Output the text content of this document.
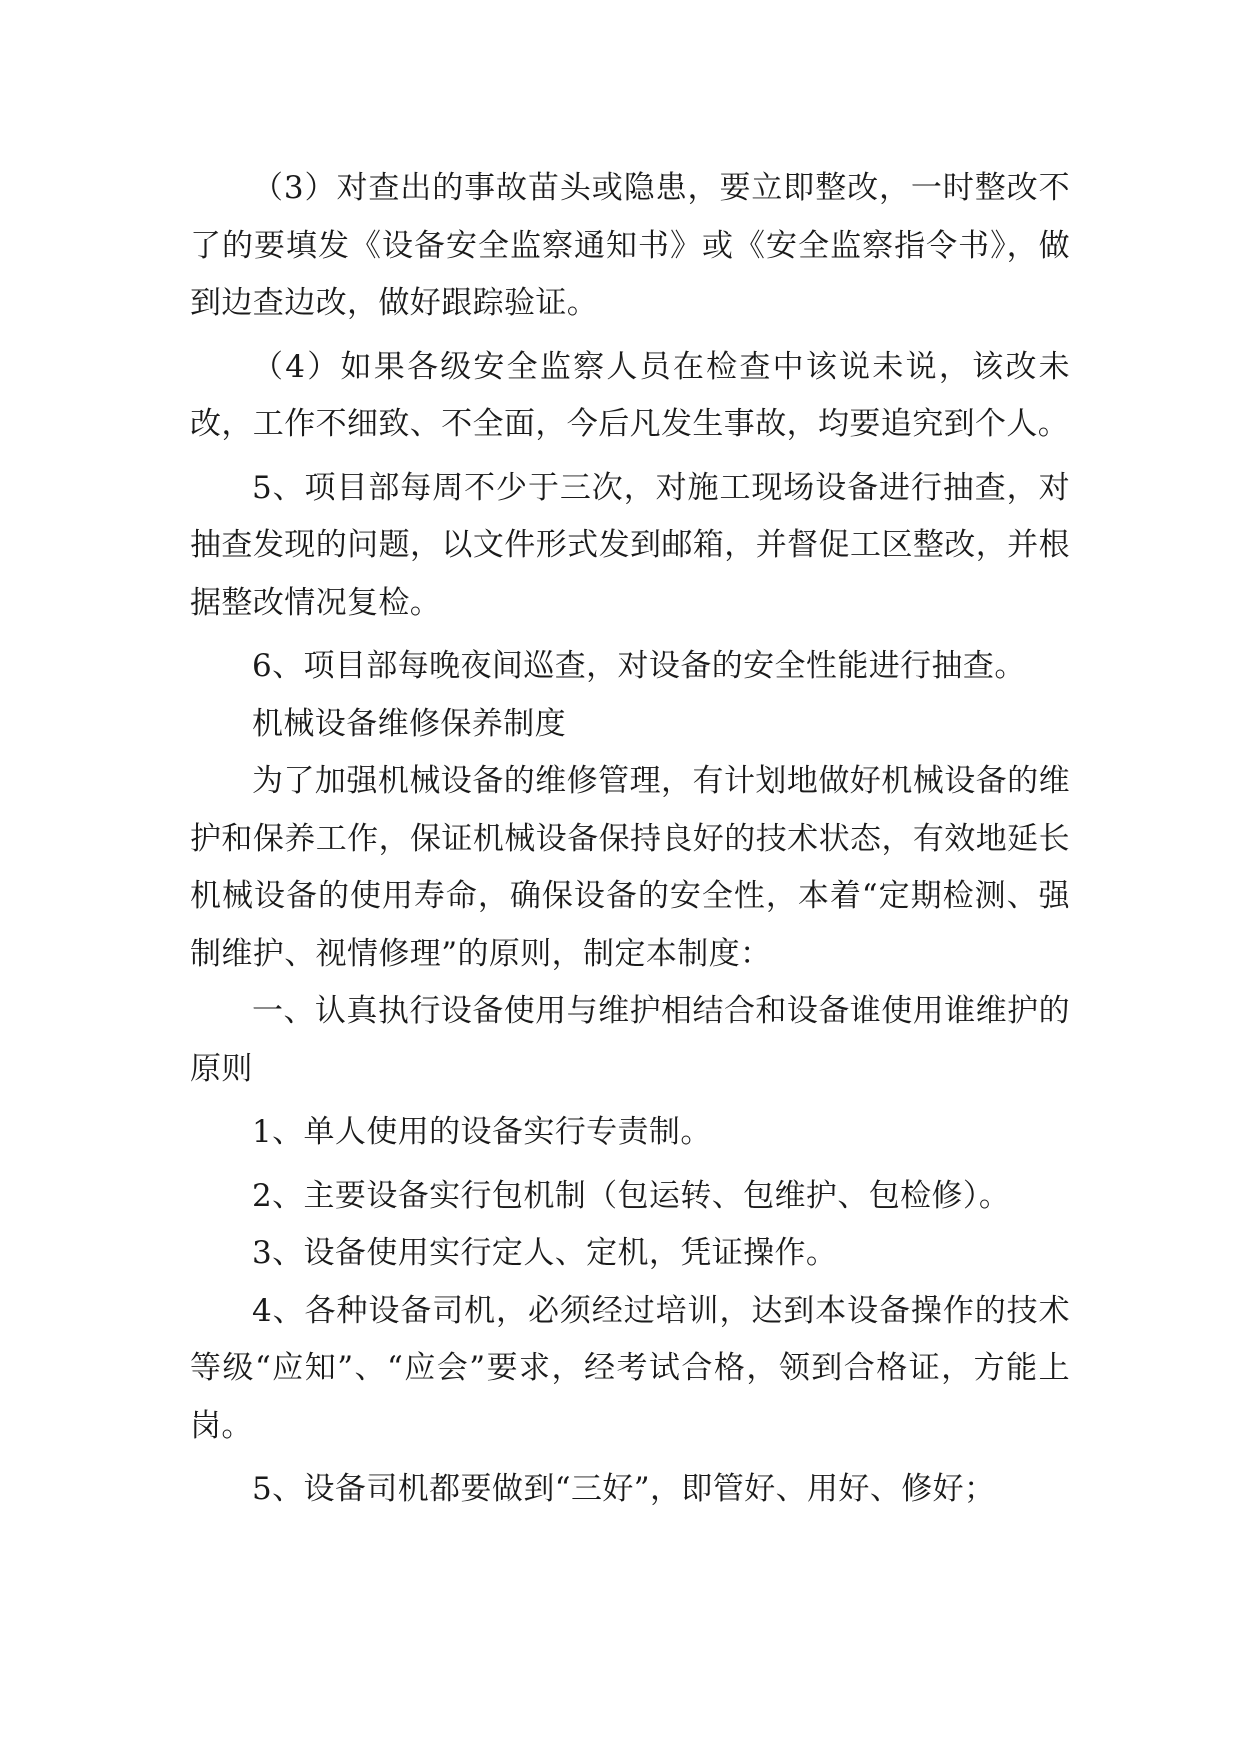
（3）对查出的事故苗头或隐患，要立即整改，一时整改不了的要填发《设备安全监察通知书》或《安全监察指令书》，做到边查边改，做好跟踪验证。

（4）如果各级安全监察人员在检查中该说未说，该改未改，工作不细致、不全面，今后凡发生事故，均要追究到个人。

5、项目部每周不少于三次，对施工现场设备进行抽查，对抽查发现的问题，以文件形式发到邮箱，并督促工区整改，并根据整改情况复检。

6、项目部每晚夜间巡查，对设备的安全性能进行抽查。

机械设备维修保养制度

为了加强机械设备的维修管理，有计划地做好机械设备的维护和保养工作，保证机械设备保持良好的技术状态，有效地延长机械设备的使用寿命，确保设备的安全性，本着“定期检测、强制维护、视情修理”的原则，制定本制度：

一、认真执行设备使用与维护相结合和设备谁使用谁维护的原则

1、单人使用的设备实行专责制。

2、主要设备实行包机制（包运转、包维护、包检修）。

3、设备使用实行定人、定机，凭证操作。

4、各种设备司机，必须经过培训，达到本设备操作的技术等级“应知”、“应会”要求，经考试合格，领到合格证，方能上岗。

5、设备司机都要做到“三好”，即管好、用好、修好；
